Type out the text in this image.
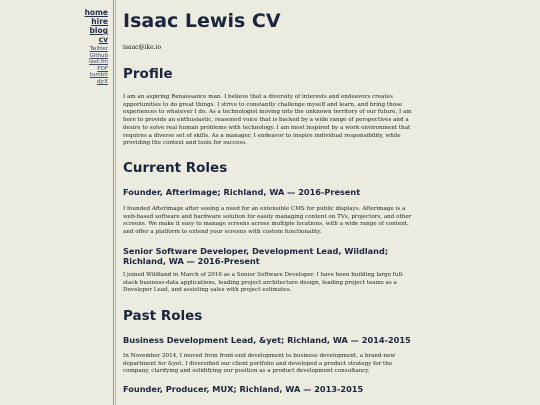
home
hire
blog
cv
Twitter
Github
last.fm
PDF
tumblr
djrX
Isaac Lewis CV
isaac@ike.io
Profile

I am an aspiring Renaissance man. I believe that a diversity of interests and endeavors creates opportunities to do great things. I strive to constantly challenge myself and learn, and bring those experiences to whatever I do. As a technologist moving into the unknown territory of our future, I am here to provide an enthusiastic, reasoned voice that is backed by a wide range of perspectives and a desire to solve real human problems with technology. I am most inspired by a work environment that requires a diverse set of skills. As a manager, I endeavor to inspire individual responsibility, while providing the context and tools for success.

Current Roles
Founder, Afterimage; Richland, WA — 2016-Present

I founded Afterimage after seeing a need for an extensible CMS for public displays. Afterimage is a web-based software and hardware solution for easily managing content on TVs, projectors, and other screens. We make it easy to manage screens across multiple locations, with a wide range of content, and offer a platform to extend your screens with custom functionality.

Senior Software Developer, Development Lead, Wildland; Richland, WA — 2016-Present

I joined Wildland in March of 2016 as a Senior Software Developer. I have been building large full-stack business-data applications, leading project architecture design, leading project teams as a Developer Lead, and assisting sales with project estimates.

Past Roles
Business Development Lead, &yet; Richland, WA — 2014-2015

In November 2014, I moved from front-end development to business development, a brand-new department for &yet. I diversified our client portfolio and developed a product strategy for the company, clarifying and solidifying our position as a product development consultancy.

Founder, Producer, MUX; Richland, WA — 2013-2015
